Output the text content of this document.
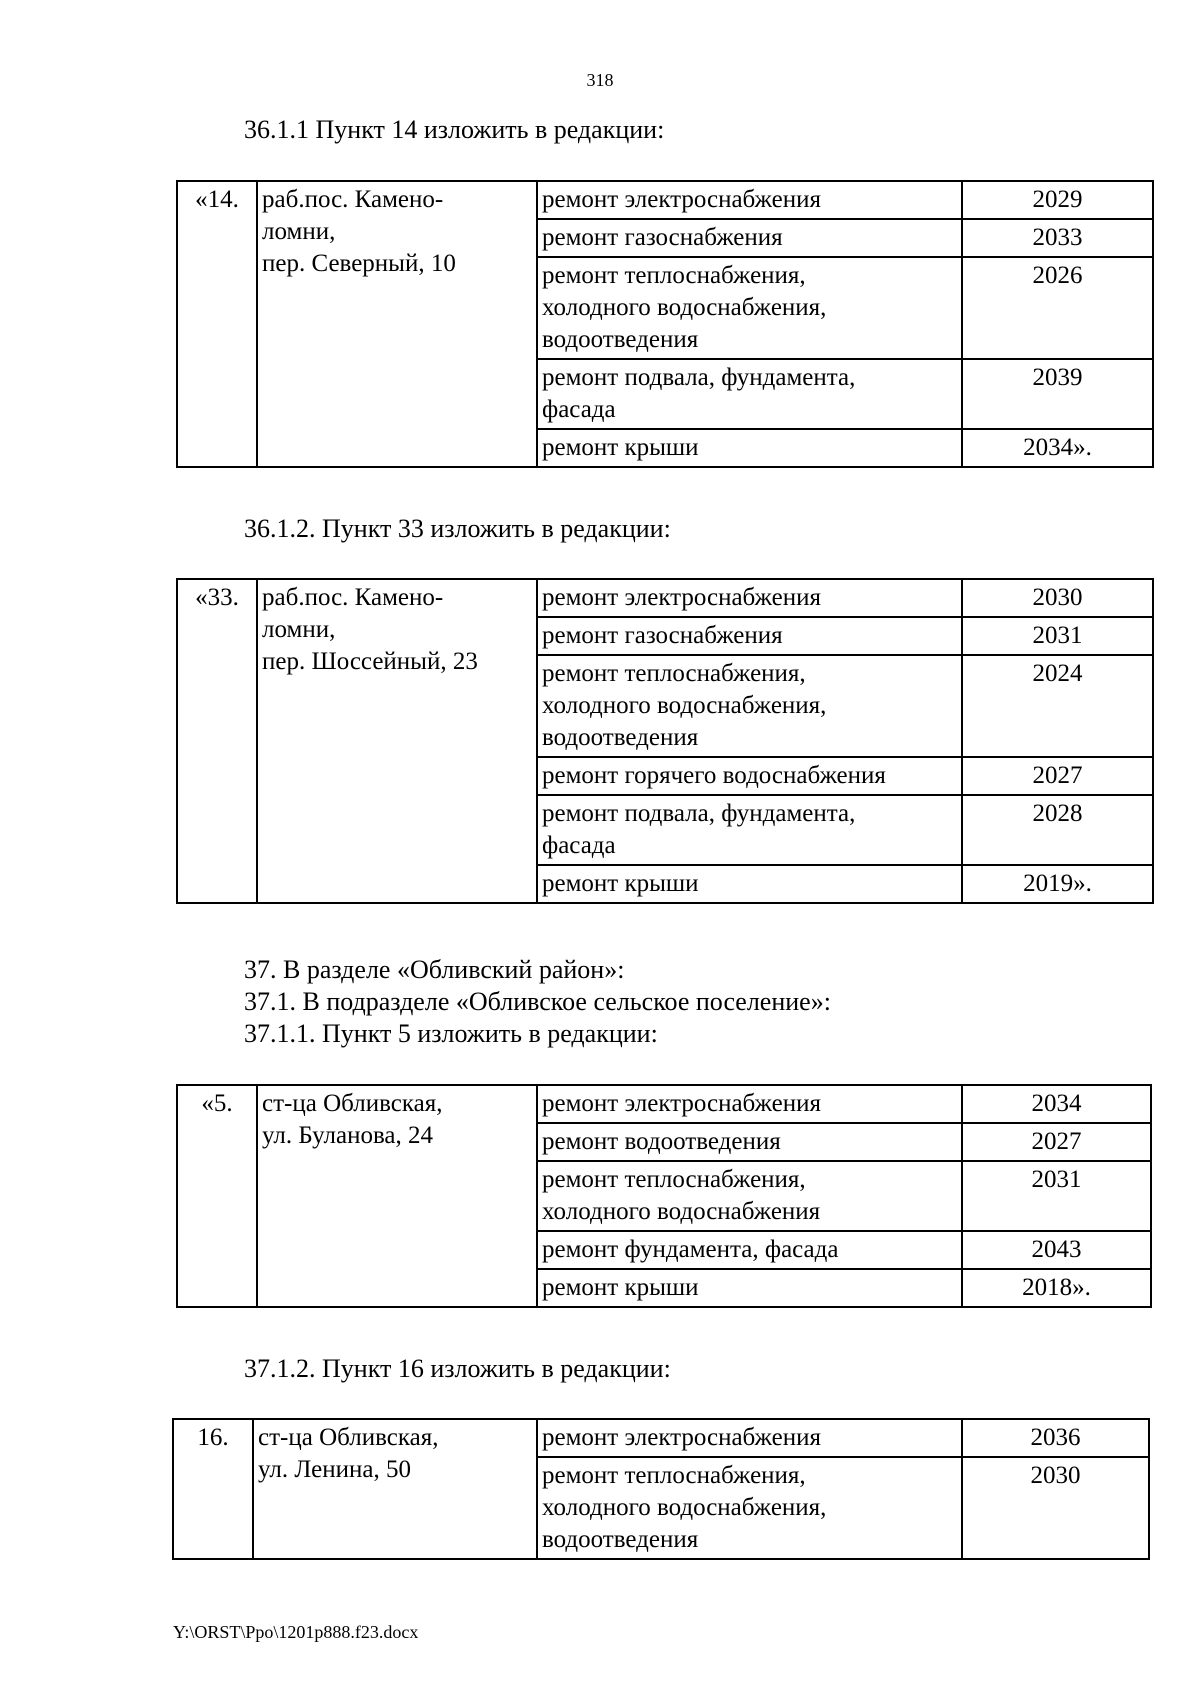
318
36.1.1 Пункт 14 изложить в редакции:
«14.	раб.пос. Камено-
ломни,
пер. Северный, 10	ремонт электроснабжения	2029

		ремонт газоснабжения	2033

		ремонт теплоснабжения,
холодного водоснабжения,
водоотведения	2026

		ремонт подвала, фундамента,
фасада	2039

		ремонт крыши	2034».
36.1.2. Пункт 33 изложить в редакции:
«33.	раб.пос. Камено-
ломни,
пер. Шоссейный, 23	ремонт электроснабжения	2030

		ремонт газоснабжения	2031

		ремонт теплоснабжения,
холодного водоснабжения,
водоотведения	2024

		ремонт горячего водоснабжения	2027

		ремонт подвала, фундамента,
фасада	2028

		ремонт крыши	2019».
37. В разделе «Обливский район»:
37.1. В подразделе «Обливское сельское поселение»:
37.1.1. Пункт 5 изложить в редакции:
«5.	ст-ца Обливская,
ул. Буланова, 24	ремонт электроснабжения	2034

		ремонт водоотведения	2027

		ремонт теплоснабжения,
холодного водоснабжения	2031

		ремонт фундамента, фасада	2043

		ремонт крыши	2018».
37.1.2. Пункт 16 изложить в редакции:
16.	ст-ца Обливская,
ул. Ленина, 50	ремонт электроснабжения	2036

		ремонт теплоснабжения,
холодного водоснабжения,
водоотведения	2030
Y:\ORST\Ppo\1201p888.f23.docx
